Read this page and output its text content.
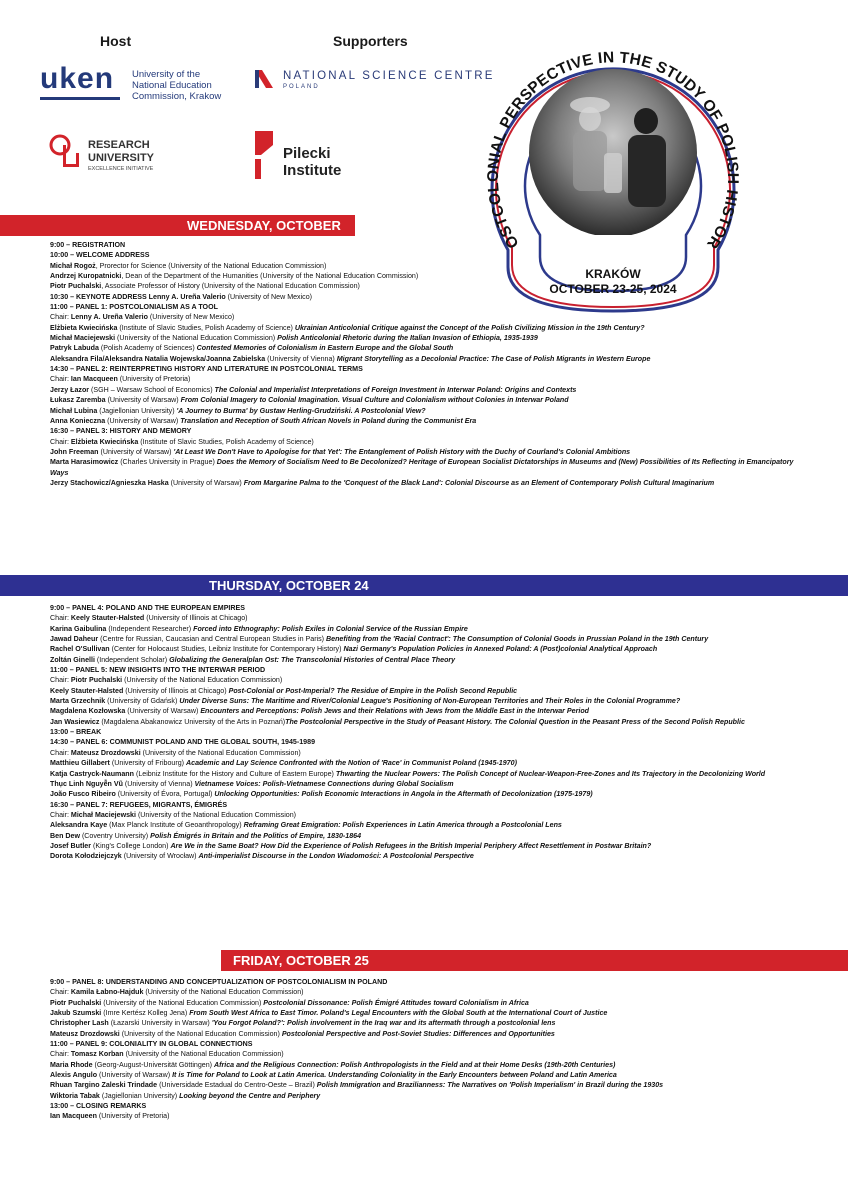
Host	Supporters
uken University of the
National Education
Commission, Krakow
NATIONAL SCIENCE CENTRE
POLAND
RESEARCH
UNIVERSITY
EXCELLENCE INITIATIVE
Pilecki
Institute
OSTCOLONIAL PERSPECTIVE IN THE STUDY OF POLISH HISTOR
KRAKÓW
OCTOBER 23-25, 2024
WEDNESDAY, OCTOBER 23
THURSDAY, OCTOBER 24
FRIDAY, OCTOBER 25
9:00 – REGISTRATION
10:00 – WELCOME ADDRESS
Michał Rogoż, Prorector for Science (University of the National Education Commission)
Andrzej Kuropatnicki, Dean of the Department of the Humanities (University of the National Education Commission)
Piotr Puchalski, Associate Professor of History (University of the National Education Commission)
10:30 – KEYNOTE ADDRESS Lenny A. Ureña Valerio (University of New Mexico)
11:00 – PANEL 1: POSTCOLONIALISM AS A TOOL
Chair: Lenny A. Ureña Valerio (University of New Mexico)
Elżbieta Kwiecińska (Institute of Slavic Studies, Polish Academy of Science) Ukrainian Anticolonial Critique against the Concept of the Polish Civilizing Mission in the 19th Century?
Michał Maciejewski (University of the National Education Commission) Polish Anticolonial Rhetoric during the Italian Invasion of Ethiopia, 1935-1939
Patryk Labuda (Polish Academy of Sciences) Contested Memories of Colonialism in Eastern Europe and the Global South
Aleksandra Fila/Aleksandra Natalia Wojewska/Joanna Zabielska (University of Vienna) Migrant Storytelling as a Decolonial Practice: The Case of Polish Migrants in Western Europe
14:30 – PANEL 2: REINTERPRETING HISTORY AND LITERATURE IN POSTCOLONIAL TERMS
Chair: Ian Macqueen (University of Pretoria)
Jerzy Łazor (SGH – Warsaw School of Economics) The Colonial and Imperialist Interpretations of Foreign Investment in Interwar Poland: Origins and Contexts
Łukasz Zaremba (University of Warsaw) From Colonial Imagery to Colonial Imagination. Visual Culture and Colonialism without Colonies in Interwar Poland
Michał Lubina (Jagiellonian University) 'A Journey to Burma' by Gustaw Herling-Grudziński. A Postcolonial View?
Anna Konieczna (University of Warsaw) Translation and Reception of South African Novels in Poland during the Communist Era
16:30 – PANEL 3: HISTORY AND MEMORY
Chair: Elżbieta Kwiecińska (Institute of Slavic Studies, Polish Academy of Science)
John Freeman (University of Warsaw) 'At Least We Don't Have to Apologise for that Yet': The Entanglement of Polish History with the Duchy of Courland's Colonial Ambitions
Marta Harasimowicz (Charles University in Prague) Does the Memory of Socialism Need to Be Decolonized? Heritage of European Socialist Dictatorships in Museums and (New) Possibilities of Its Reflecting in Emancipatory Ways
Jerzy Stachowicz/Agnieszka Haska (University of Warsaw) From Margarine Palma to the 'Conquest of the Black Land': Colonial Discourse as an Element of Contemporary Polish Cultural Imaginarium
9:00 – PANEL 4: POLAND AND THE EUROPEAN EMPIRES
Chair: Keely Stauter-Halsted (University of Illinois at Chicago)
Karina Gaibulina (Independent Researcher) Forced into Ethnography: Polish Exiles in Colonial Service of the Russian Empire
Jawad Daheur (Centre for Russian, Caucasian and Central European Studies in Paris) Benefiting from the 'Racial Contract': The Consumption of Colonial Goods in Prussian Poland in the 19th Century
Rachel O'Sullivan (Center for Holocaust Studies, Leibniz Institute for Contemporary History) Nazi Germany's Population Policies in Annexed Poland: A (Post)colonial Analytical Approach
Zoltán Ginelli (Independent Scholar) Globalizing the Generalplan Ost: The Transcolonial Histories of Central Place Theory
11:00 – PANEL 5: NEW INSIGHTS INTO THE INTERWAR PERIOD
Chair: Piotr Puchalski (University of the National Education Commission)
Keely Stauter-Halsted (University of Illinois at Chicago) Post-Colonial or Post-Imperial? The Residue of Empire in the Polish Second Republic
Marta Grzechnik (University of Gdańsk) Under Diverse Suns: The Maritime and River/Colonial League's Positioning of Non-European Territories and Their Roles in the Colonial Programme?
Magdalena Kozłowska (University of Warsaw) Encounters and Perceptions: Polish Jews and their Relations with Jews from the Middle East in the Interwar Period
Jan Wasiewicz (Magdalena Abakanowicz University of the Arts in Poznań)The Postcolonial Perspective in the Study of Peasant History. The Colonial Question in the Peasant Press of the Second Polish Republic
13:00 – BREAK
14:30 – PANEL 6: COMMUNIST POLAND AND THE GLOBAL SOUTH, 1945-1989
Chair: Mateusz Drozdowski (University of the National Education Commission)
Matthieu Gillabert (University of Fribourg) Academic and Lay Science Confronted with the Notion of 'Race' in Communist Poland (1945-1970)
Katja Castryck-Naumann (Leibniz Institute for the History and Culture of Eastern Europe) Thwarting the Nuclear Powers: The Polish Concept of Nuclear-Weapon-Free-Zones and Its Trajectory in the Decolonizing World
Thục Linh Nguyễn Vũ (University of Vienna) Vietnamese Voices: Polish-Vietnamese Connections during Global Socialism
João Fusco Ribeiro (University of Évora, Portugal) Unlocking Opportunities: Polish Economic Interactions in Angola in the Aftermath of Decolonization (1975-1979)
16:30 – PANEL 7: REFUGEES, MIGRANTS, ÉMIGRÉS
Chair: Michał Maciejewski (University of the National Education Commission)
Aleksandra Kaye (Max Planck Institute of Geoanthropology) Reframing Great Emigration: Polish Experiences in Latin America through a Postcolonial Lens
Ben Dew (Coventry University) Polish Émigrés in Britain and the Politics of Empire, 1830-1864
Josef Butler (King's College London) Are We in the Same Boat? How Did the Experience of Polish Refugees in the British Imperial Periphery Affect Resettlement in Postwar Britain?
Dorota Kołodziejczyk (University of Wrocław) Anti-imperialist Discourse in the London Wiadomości: A Postcolonial Perspective
9:00 – PANEL 8: UNDERSTANDING AND CONCEPTUALIZATION OF POSTCOLONIALISM IN POLAND
Chair: Kamila Łabno-Hajduk (University of the National Education Commission)
Piotr Puchalski (University of the National Education Commission) Postcolonial Dissonance: Polish Émigré Attitudes toward Colonialism in Africa
Jakub Szumski (Imre Kertész Kolleg Jena) From South West Africa to East Timor. Poland's Legal Encounters with the Global South at the International Court of Justice
Christopher Lash (Łazarski University in Warsaw) 'You Forgot Poland?': Polish involvement in the Iraq war and its aftermath through a postcolonial lens
Mateusz Drozdowski (University of the National Education Commission) Postcolonial Perspective and Post-Soviet Studies: Differences and Opportunities
11:00 – PANEL 9: COLONIALITY IN GLOBAL CONNECTIONS
Chair: Tomasz Korban (University of the National Education Commission)
Maria Rhode (Georg-August-Universität Göttingen) Africa and the Religious Connection: Polish Anthropologists in the Field and at their Home Desks (19th-20th Centuries)
Alexis Angulo (University of Warsaw) It is Time for Poland to Look at Latin America. Understanding Coloniality in the Early Encounters between Poland and Latin America
Rhuan Targino Zaleski Trindade (Universidade Estadual do Centro-Oeste – Brazil) Polish Immigration and Brazilianness: The Narratives on 'Polish Imperialism' in Brazil during the 1930s
Wiktoria Tabak (Jagiellonian University) Looking beyond the Centre and Periphery
13:00 – CLOSING REMARKS
Ian Macqueen (University of Pretoria)
